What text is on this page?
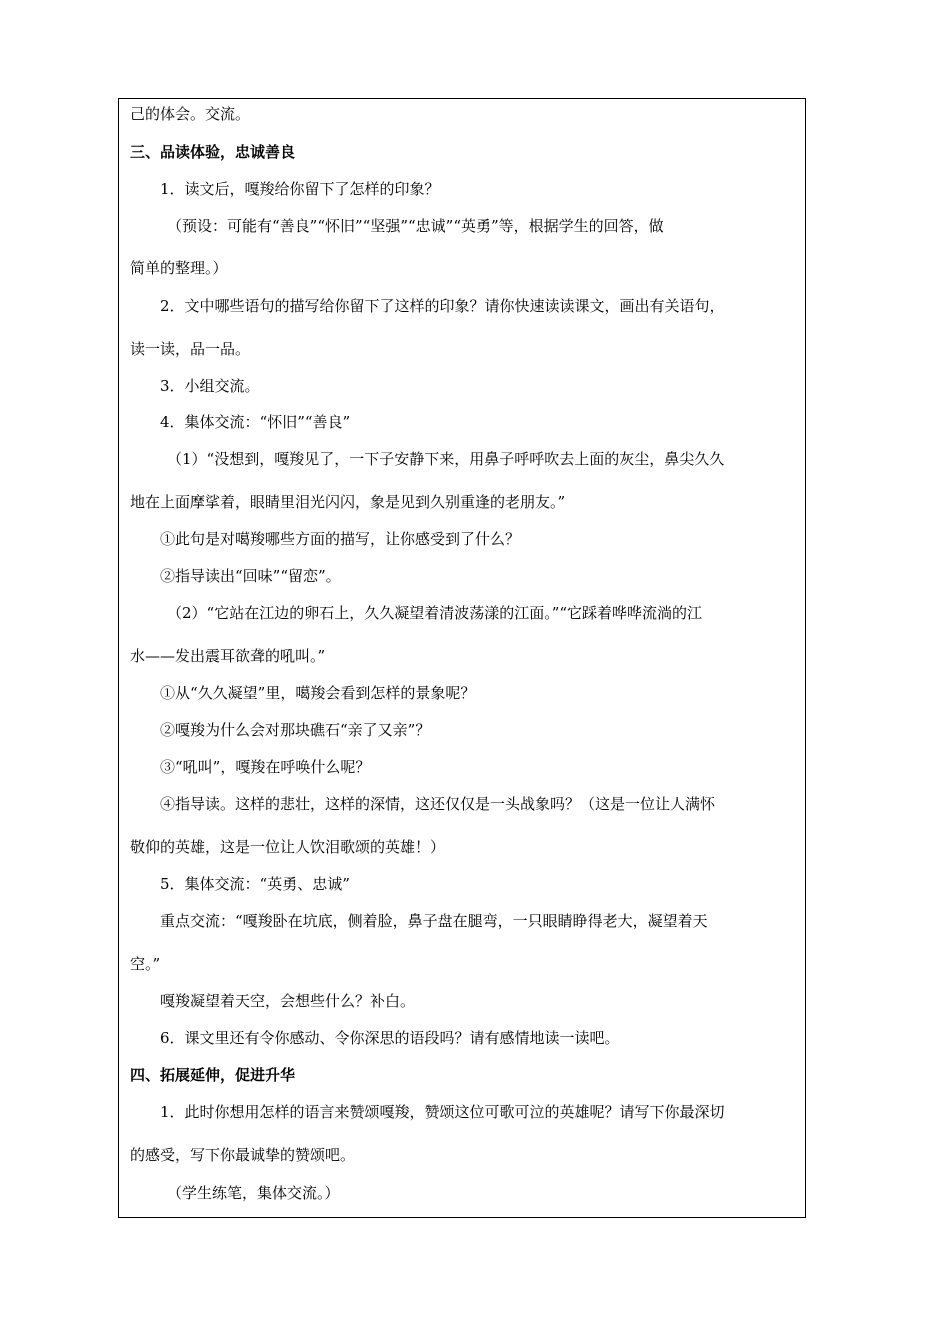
己的体会。交流。
三、品读体验，忠诚善良
1．读文后，嘎羧给你留下了怎样的印象？
（预设：可能有“善良”“怀旧”“坚强”“忠诚”“英勇”等，根据学生的回答，做
简单的整理。）
2．文中哪些语句的描写给你留下了这样的印象？请你快速读读课文，画出有关语句，
读一读，品一品。
3．小组交流。
4．集体交流：“怀旧”“善良”
（1）“没想到，嘎羧见了，一下子安静下来，用鼻子呼呼吹去上面的灰尘，鼻尖久久
地在上面摩挲着，眼睛里泪光闪闪，象是见到久别重逢的老朋友。”
①此句是对噶羧哪些方面的描写，让你感受到了什么？
②指导读出“回味”“留恋”。
（2）“它站在江边的卵石上，久久凝望着清波荡漾的江面。”“它踩着哗哗流淌的江
水——发出震耳欲聋的吼叫。”
①从“久久凝望”里，噶羧会看到怎样的景象呢？
②嘎羧为什么会对那块礁石“亲了又亲”？
③“吼叫”，嘎羧在呼唤什么呢？
④指导读。这样的悲壮，这样的深情，这还仅仅是一头战象吗？（这是一位让人满怀
敬仰的英雄，这是一位让人饮泪歌颂的英雄！）
5．集体交流：“英勇、忠诚”
重点交流：“嘎羧卧在坑底，侧着脸，鼻子盘在腿弯，一只眼睛睁得老大，凝望着天
空。”
嘎羧凝望着天空，会想些什么？补白。
6．课文里还有令你感动、令你深思的语段吗？请有感情地读一读吧。
四、拓展延伸，促进升华
1．此时你想用怎样的语言来赞颂嘎羧，赞颂这位可歌可泣的英雄呢？请写下你最深切
的感受，写下你最诚挚的赞颂吧。
（学生练笔，集体交流。）
